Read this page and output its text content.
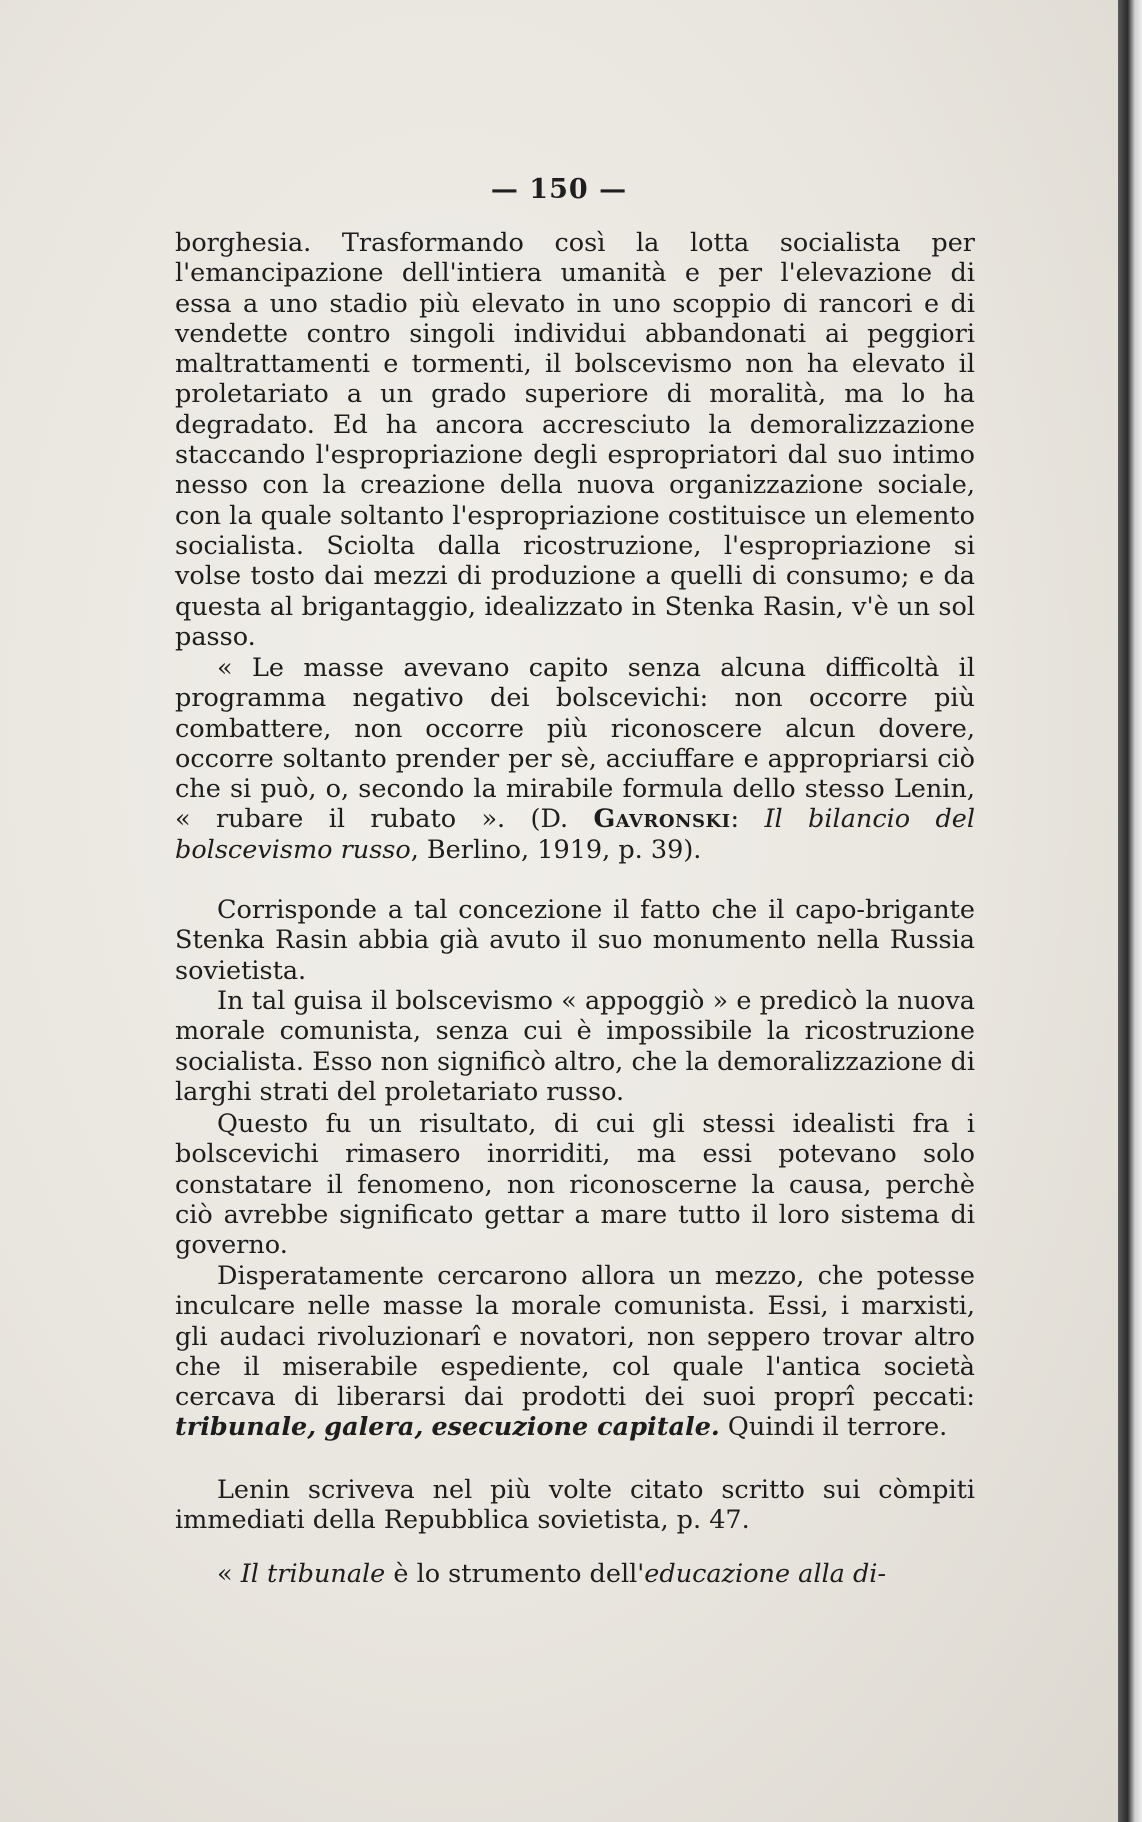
— 150 —

borghesia. Trasformando così la lotta socialista per l'emancipazione dell'intiera umanità e per l'elevazione di essa a uno stadio più elevato in uno scoppio di rancori e di vendette contro singoli individui abbandonati ai peggiori maltrattamenti e tormenti, il bolscevismo non ha elevato il proletariato a un grado superiore di moralità, ma lo ha degradato. Ed ha ancora accresciuto la demoralizzazione staccando l'espropriazione degli espropriatori dal suo intimo nesso con la creazione della nuova organizzazione sociale, con la quale soltanto l'espropriazione costituisce un elemento socialista. Sciolta dalla ricostruzione, l'espropriazione si volse tosto dai mezzi di produzione a quelli di consumo; e da questa al brigantaggio, idealizzato in Stenka Rasin, v'è un sol passo.

« Le masse avevano capito senza alcuna difficoltà il programma negativo dei bolscevichi: non occorre più combattere, non occorre più riconoscere alcun dovere, occorre soltanto prender per sè, acciuffare e appropriarsi ciò che si può, o, secondo la mirabile formula dello stesso Lenin, « rubare il rubato ». (D. Gavronski: Il bilancio del bolscevismo russo, Berlino, 1919, p. 39).

Corrisponde a tal concezione il fatto che il capo-brigante Stenka Rasin abbia già avuto il suo monumento nella Russia sovietista.

In tal guisa il bolscevismo « appoggiò » e predicò la nuova morale comunista, senza cui è impossibile la ricostruzione socialista. Esso non significò altro, che la demoralizzazione di larghi strati del proletariato russo.

Questo fu un risultato, di cui gli stessi idealisti fra i bolscevichi rimasero inorriditi, ma essi potevano solo constatare il fenomeno, non riconoscerne la causa, perchè ciò avrebbe significato gettar a mare tutto il loro sistema di governo.

Disperatamente cercarono allora un mezzo, che potesse inculcare nelle masse la morale comunista. Essi, i marxisti, gli audaci rivoluzionarî e novatori, non seppero trovar altro che il miserabile espediente, col quale l'antica società cercava di liberarsi dai prodotti dei suoi proprî peccati: tribunale, galera, esecuzione capitale. Quindi il terrore.

Lenin scriveva nel più volte citato scritto sui còmpiti immediati della Repubblica sovietista, p. 47.

« Il tribunale è lo strumento dell'educazione alla di-
